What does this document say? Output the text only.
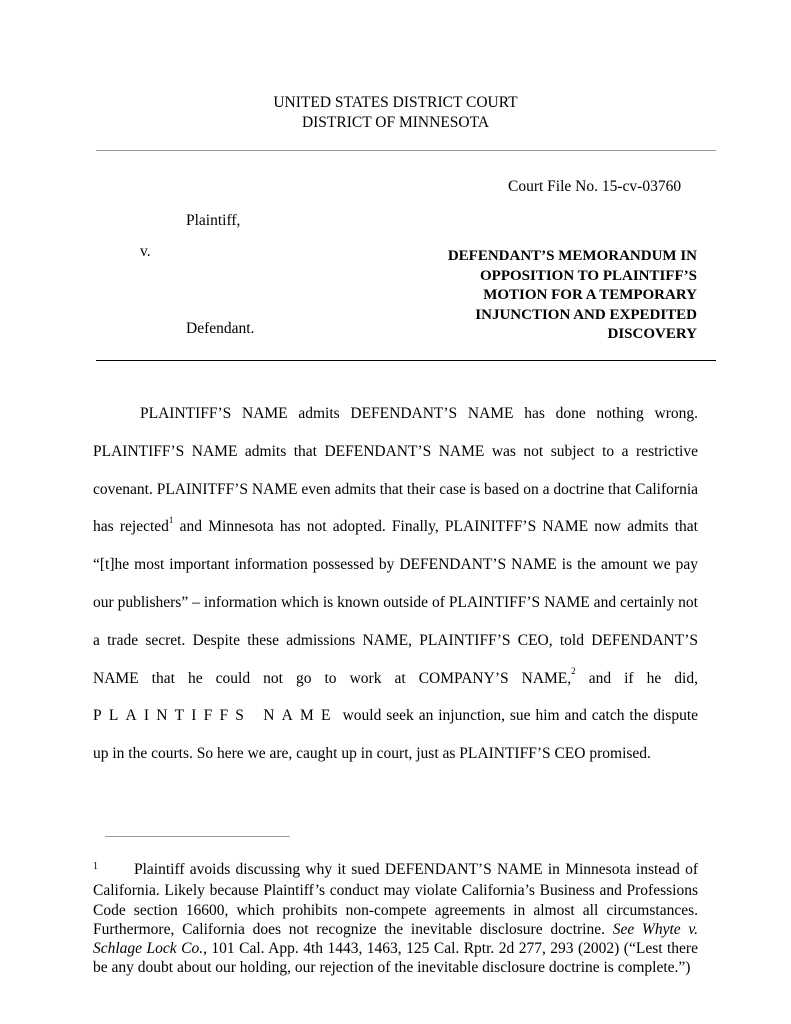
UNITED STATES DISTRICT COURT
DISTRICT OF MINNESOTA
Court File No. 15-cv-03760
Plaintiff,
v.
Defendant.
DEFENDANT’S MEMORANDUM IN
OPPOSITION TO PLAINTIFF’S
MOTION FOR A TEMPORARY
INJUNCTION AND EXPEDITED
DISCOVERY

PLAINTIFF’S NAME admits DEFENDANT’S NAME has done nothing wrong. PLAINTIFF’S NAME admits that DEFENDANT’S NAME was not subject to a restrictive covenant. PLAINITFF’S NAME even admits that their case is based on a doctrine that California has rejected$^1$ and Minnesota has not adopted. Finally, PLAINITFF’S NAME now admits that “[t]he most important information possessed by DEFENDANT’S NAME is the amount we pay our publishers” – information which is known outside of PLAINTIFF’S NAME and certainly not a trade secret. Despite these admissions NAME, PLAINTIFF’S CEO, told DEFENDANT’S NAME that he could not go to work at COMPANY’S NAME,$^2$ and if he did, PLAINTIFFS NAME would seek an injunction, sue him and catch the dispute up in the courts. So here we are, caught up in court, just as PLAINTIFF’S CEO promised.

$^1$ Plaintiff avoids discussing why it sued DEFENDANT’S NAME in Minnesota instead of California. Likely because Plaintiff’s conduct may violate California’s Business and Professions Code section 16600, which prohibits non-compete agreements in almost all circumstances. Furthermore, California does not recognize the inevitable disclosure doctrine. See Whyte v. Schlage Lock Co., 101 Cal. App. 4th 1443, 1463, 125 Cal. Rptr. 2d 277, 293 (2002) (“Lest there be any doubt about our holding, our rejection of the inevitable disclosure doctrine is complete.”)
